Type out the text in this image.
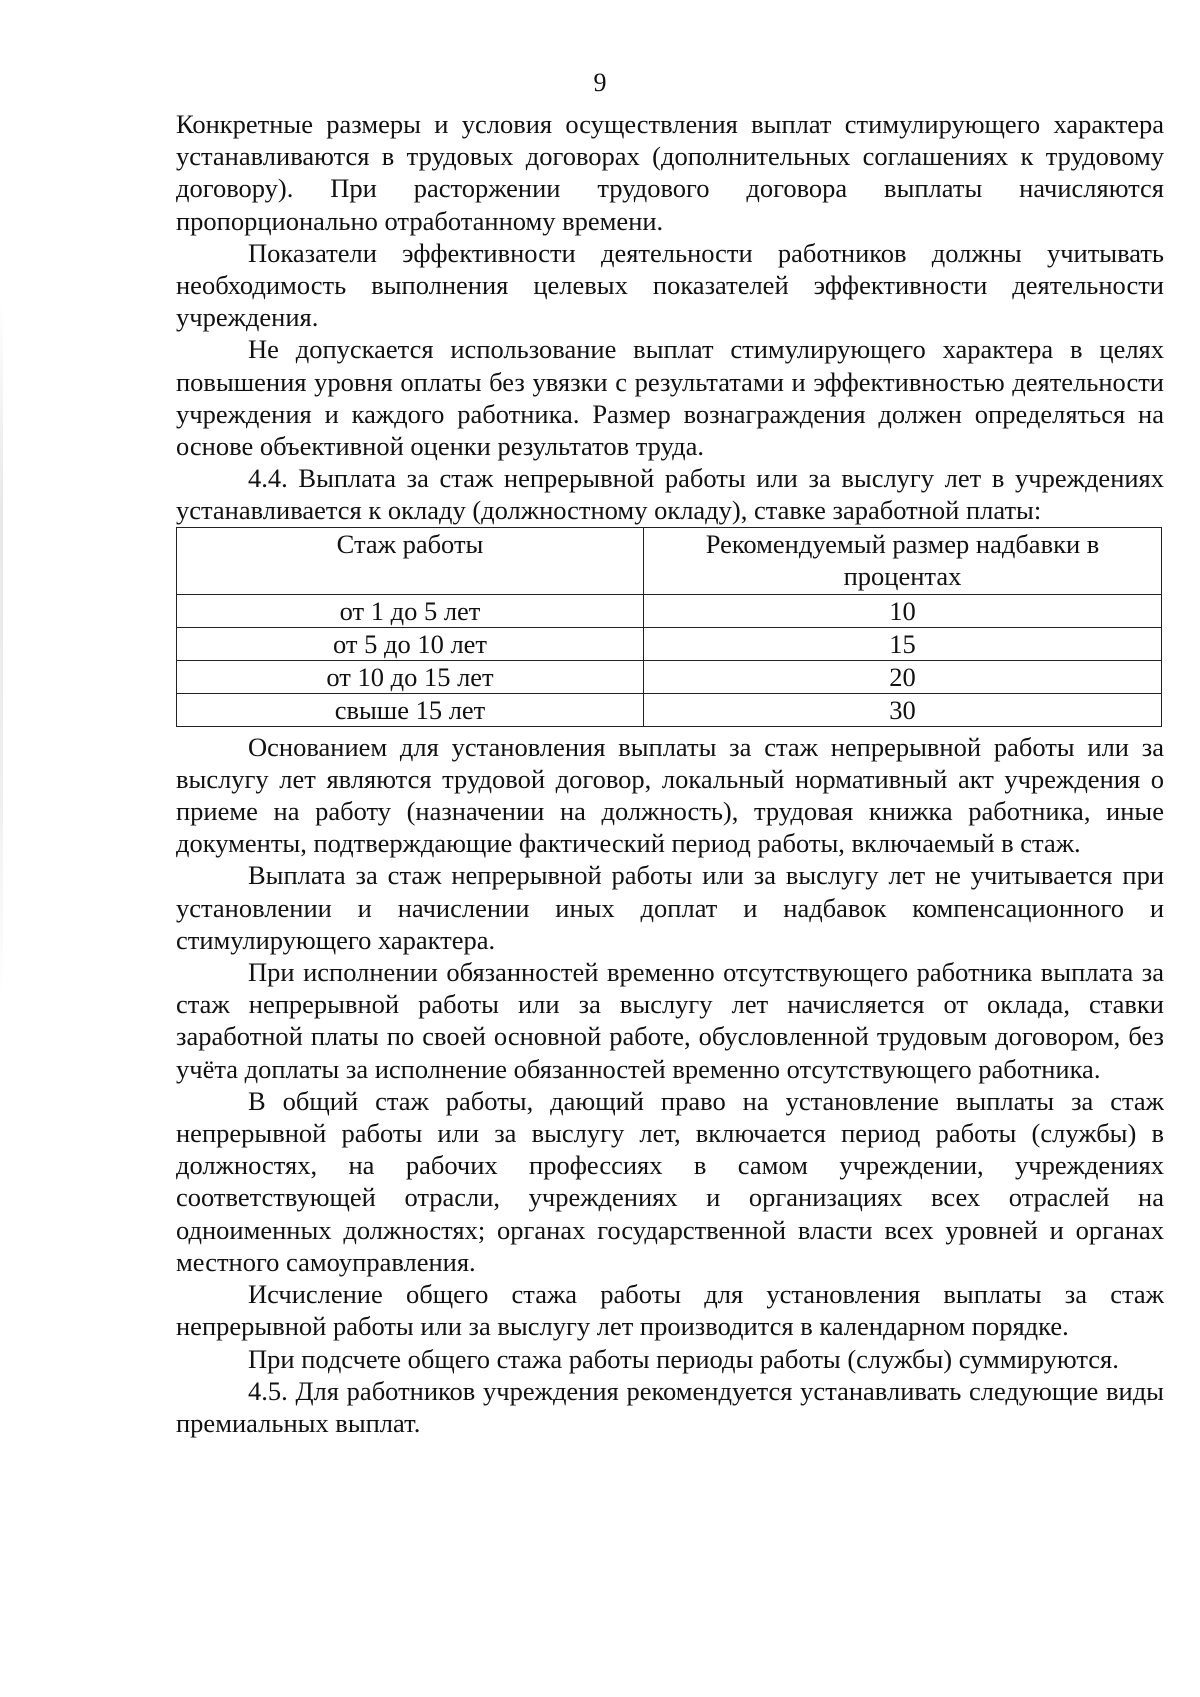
9

Конкретные размеры и условия осуществления выплат стимулирующего характера устанавливаются в трудовых договорах (дополнительных соглашениях к трудовому договору). При расторжении трудового договора выплаты начисляются пропорционально отработанному времени.

Показатели эффективности деятельности работников должны учитывать необходимость выполнения целевых показателей эффективности деятельности учреждения.

Не допускается использование выплат стимулирующего характера в целях повышения уровня оплаты без увязки с результатами и эффективностью деятельности учреждения и каждого работника. Размер вознаграждения должен определяться на основе объективной оценки результатов труда.

4.4. Выплата за стаж непрерывной работы или за выслугу лет в учреждениях устанавливается к окладу (должностному окладу), ставке заработной платы:

Стаж работы	Рекомендуемый размер надбавки в процентах
от 1 до 5 лет	10
от 5 до 10 лет	15
от 10 до 15 лет	20
свыше 15 лет	30

Основанием для установления выплаты за стаж непрерывной работы или за выслугу лет являются трудовой договор, локальный нормативный акт учреждения о приеме на работу (назначении на должность), трудовая книжка работника, иные документы, подтверждающие фактический период работы, включаемый в стаж.

Выплата за стаж непрерывной работы или за выслугу лет не учитывается при установлении и начислении иных доплат и надбавок компенсационного и стимулирующего характера.

При исполнении обязанностей временно отсутствующего работника выплата за стаж непрерывной работы или за выслугу лет начисляется от оклада, ставки заработной платы по своей основной работе, обусловленной трудовым договором, без учёта доплаты за исполнение обязанностей временно отсутствующего работника.

В общий стаж работы, дающий право на установление выплаты за стаж непрерывной работы или за выслугу лет, включается период работы (службы) в должностях, на рабочих профессиях в самом учреждении, учреждениях соответствующей отрасли, учреждениях и организациях всех отраслей на одноименных должностях; органах государственной власти всех уровней и органах местного самоуправления.

Исчисление общего стажа работы для установления выплаты за стаж непрерывной работы или за выслугу лет производится в календарном порядке.

При подсчете общего стажа работы периоды работы (службы) суммируются.

4.5. Для работников учреждения рекомендуется устанавливать следующие виды премиальных выплат.
